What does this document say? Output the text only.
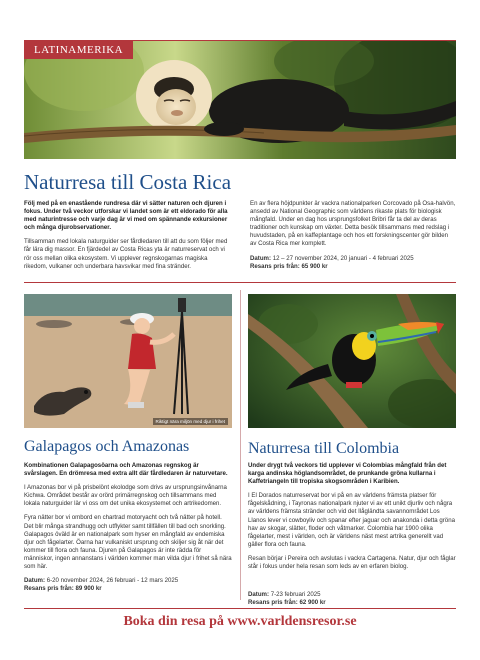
LATINAMERIKA
Naturresa till Costa Rica

Följ med på en enastående rundresa där vi sätter naturen och djuren i fokus. Under två veckor utforskar vi landet som är ett eldorado för alla med naturintresse och varje dag är vi med om spännande exkursioner och många djurobservationer.

Tillsamman med lokala naturguider ser fårdledaren till att du som följer med får lära dig massor. En fjärdedel av Costa Ricas yta är naturreservat och vi rör oss mellan olika ekosystem. Vi upplever regnskogarnas magiska rikedom, vulkaner och underbara havsvikar med fina stränder.

En av flera höjdpunkter är vackra nationalparken Corcovado på Osa-halvön, ansedd av National Geographic som världens rikaste plats för biologisk mångfald. Under en dag hos ursprungsfolket Bribri får ta del av deras traditioner och kunskap om växter. Detta besök tillsammans med redslag i huvudstaden, på en kaffeplantage och hos ett forskningscenter gör bilden av Costa Rica mer komplett.

Datum: 12 – 27 november 2024, 20 januari - 4 februari 2025
Resans pris från: 65 900 kr
Riktigt nära miljön med djur i frihet
Galapagos och Amazonas

Kombinationen Galapagosöarna och Amazonas regnskog är svårslagen. En drömresa med extra allt där fårdledaren är naturvetare.

I Amazonas bor vi på prisbelönt ekolodge som drivs av ursprungsinvånarna Kichwa. Området består av orörd primärregnskog och tillsammans med lokala naturguider lär vi oss om det unika ekosystemet och artrikedomen.

Fyra nätter bor vi ombord en chartrad motoryacht och två nätter på hotell. Det blir många strandhugg och utflykter samt tillfällen till bad och snorkling. Galapagos öväld är en nationalpark som hyser en mångfald av endemiska djur och fågelarter. Öarna har vulkaniskt ursprung och skiljer sig åt när det kommer till flora och fauna. Djuren på Galapagos är inte rädda för människor, ingen annanstans i världen kommer man vilda djur i frihet så nära som här.

Datum: 6-20 november 2024, 26 februari - 12 mars 2025
Resans pris från: 89 900 kr
Naturresa till Colombia

Under drygt två veckors tid upplever vi Colombias mångfald från det karga andinska höglandsområdet, de prunkande gröna kullarna i Kaffetriangeln till tropiska skogsområden i Karibien.

I El Dorados naturreservat bor vi på en av världens främsta platser för fågelskådning, i Tayronas nationalpark njuter vi av ett unikt djurliv och några av världens främsta stränder och vid det Ilågländta savannområdet Los Llanos lever vi cowboyliv och spanar efter jaguar och anakonda i detta gröna hav av skogar, slätter, floder och våtmarker. Colombia har 1900 olika fågelarter, mest i världen, och är världens näst mest artrika generellt vad gäller flora och fauna.

Resan börjar i Pereira och avslutas i vackra Cartagena. Natur, djur och fåglar står i fokus under hela resan som leds av en erfaren biolog.

Datum: 7-23 februari 2025
Resans pris från: 62 900 kr
Boka din resa på www.varldensresor.se
